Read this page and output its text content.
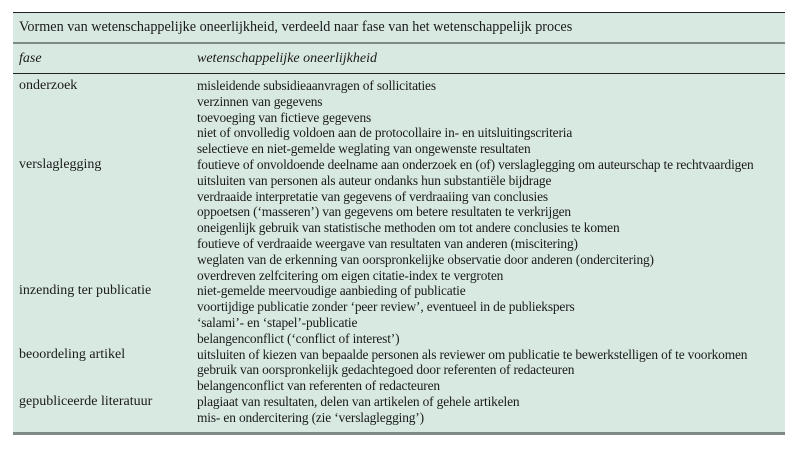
Vormen van wetenschappelijke oneerlijkheid, verdeeld naar fase van het wetenschappelijk proces
fase	wetenschappelijke oneerlijkheid
onderzoek	misleidende subsidieaanvragen of sollicitaties
verzinnen van gegevens
toevoeging van fictieve gegevens
niet of onvolledig voldoen aan de protocollaire in- en uitsluitingscriteria
selectieve en niet-gemelde weglating van ongewenste resultaten
verslaglegging	foutieve of onvoldoende deelname aan onderzoek en (of) verslaglegging om auteurschap te rechtvaardigen
uitsluiten van personen als auteur ondanks hun substantiële bijdrage
verdraaide interpretatie van gegevens of verdraaiing van conclusies
oppoetsen (‘masseren’) van gegevens om betere resultaten te verkrijgen
oneigenlijk gebruik van statistische methoden om tot andere conclusies te komen
foutieve of verdraaide weergave van resultaten van anderen (miscitering)
weglaten van de erkenning van oorspronkelijke observatie door anderen (ondercitering)
overdreven zelfcitering om eigen citatie-index te vergroten
inzending ter publicatie	niet-gemelde meervoudige aanbieding of publicatie
voortijdige publicatie zonder ‘peer review’, eventueel in de publiekspers
‘salami’- en ‘stapel’-publicatie
belangenconflict (‘conflict of interest’)
beoordeling artikel	uitsluiten of kiezen van bepaalde personen als reviewer om publicatie te bewerkstelligen of te voorkomen
gebruik van oorspronkelijk gedachtegoed door referenten of redacteuren
belangenconflict van referenten of redacteuren
gepubliceerde literatuur	plagiaat van resultaten, delen van artikelen of gehele artikelen
mis- en ondercitering (zie ‘verslaglegging’)
